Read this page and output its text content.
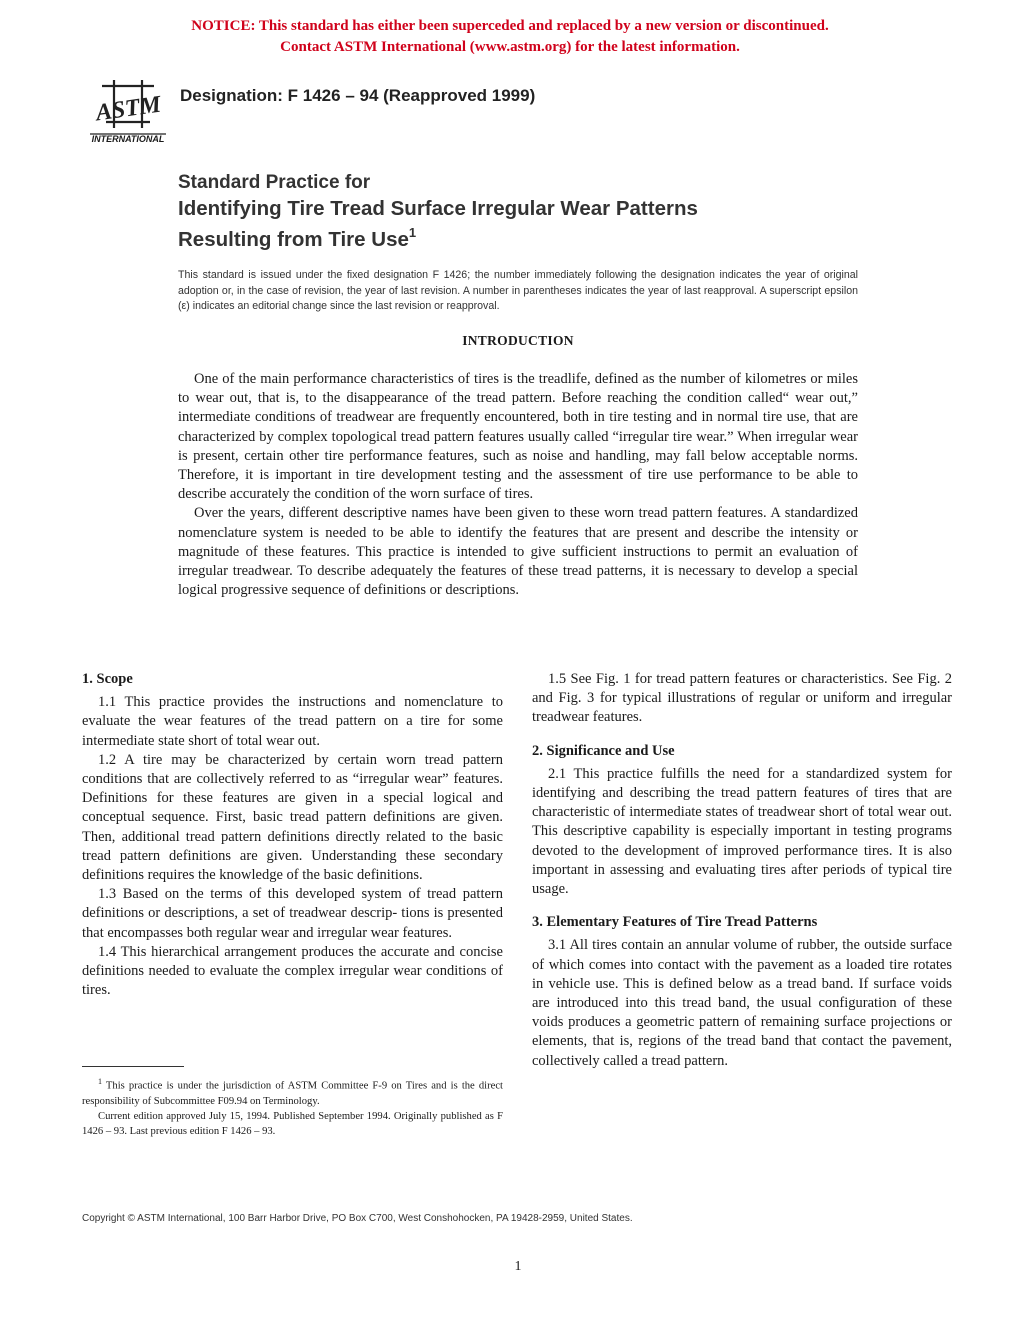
NOTICE: This standard has either been superceded and replaced by a new version or discontinued.
Contact ASTM International (www.astm.org) for the latest information.
ASTM
INTERNATIONAL
Designation: F 1426 – 94 (Reapproved 1999)
Standard Practice for
Identifying Tire Tread Surface Irregular Wear Patterns
Resulting from Tire Use$^1$
This standard is issued under the fixed designation F 1426; the number immediately following the designation indicates the year of original adoption or, in the case of revision, the year of last revision. A number in parentheses indicates the year of last reapproval. A superscript epsilon (ε) indicates an editorial change since the last revision or reapproval.
INTRODUCTION

One of the main performance characteristics of tires is the treadlife, defined as the number of kilometres or miles to wear out, that is, to the disappearance of the tread pattern. Before reaching the condition called“ wear out,” intermediate conditions of treadwear are frequently encountered, both in tire testing and in normal tire use, that are characterized by complex topological tread pattern features usually called “irregular tire wear.” When irregular wear is present, certain other tire performance features, such as noise and handling, may fall below acceptable norms. Therefore, it is important in tire development testing and the assessment of tire use performance to be able to describe accurately the condition of the worn surface of tires.

Over the years, different descriptive names have been given to these worn tread pattern features. A standardized nomenclature system is needed to be able to identify the features that are present and describe the intensity or magnitude of these features. This practice is intended to give sufficient instructions to permit an evaluation of irregular treadwear. To describe adequately the features of these tread patterns, it is necessary to develop a special logical progressive sequence of definitions or descriptions.

1. Scope

1.1 This practice provides the instructions and nomenclature to evaluate the wear features of the tread pattern on a tire for some intermediate state short of total wear out.

1.2 A tire may be characterized by certain worn tread pattern conditions that are collectively referred to as “irregular wear” features. Definitions for these features are given in a special logical and conceptual sequence. First, basic tread pattern definitions are given. Then, additional tread pattern definitions directly related to the basic tread pattern definitions are given. Understanding these secondary definitions requires the knowledge of the basic definitions.

1.3 Based on the terms of this developed system of tread pattern definitions or descriptions, a set of treadwear descrip- tions is presented that encompasses both regular wear and irregular wear features.

1.4 This hierarchical arrangement produces the accurate and concise definitions needed to evaluate the complex irregular wear conditions of tires.

1.5 See Fig. 1 for tread pattern features or characteristics. See Fig. 2 and Fig. 3 for typical illustrations of regular or uniform and irregular treadwear features.

2. Significance and Use

2.1 This practice fulfills the need for a standardized system for identifying and describing the tread pattern features of tires that are characteristic of intermediate states of treadwear short of total wear out. This descriptive capability is especially important in testing programs devoted to the development of improved performance tires. It is also important in assessing and evaluating tires after periods of typical tire usage.

3. Elementary Features of Tire Tread Patterns

3.1 All tires contain an annular volume of rubber, the outside surface of which comes into contact with the pavement as a loaded tire rotates in vehicle use. This is defined below as a tread band. If surface voids are introduced into this tread band, the usual configuration of these voids produces a geometric pattern of remaining surface projections or elements, that is, regions of the tread band that contact the pavement, collectively called a tread pattern.

$^1$ This practice is under the jurisdiction of ASTM Committee F-9 on Tires and is the direct responsibility of Subcommittee F09.94 on Terminology.

Current edition approved July 15, 1994. Published September 1994. Originally published as F 1426 – 93. Last previous edition F 1426 – 93.

Copyright © ASTM International, 100 Barr Harbor Drive, PO Box C700, West Conshohocken, PA 19428-2959, United States.
1
